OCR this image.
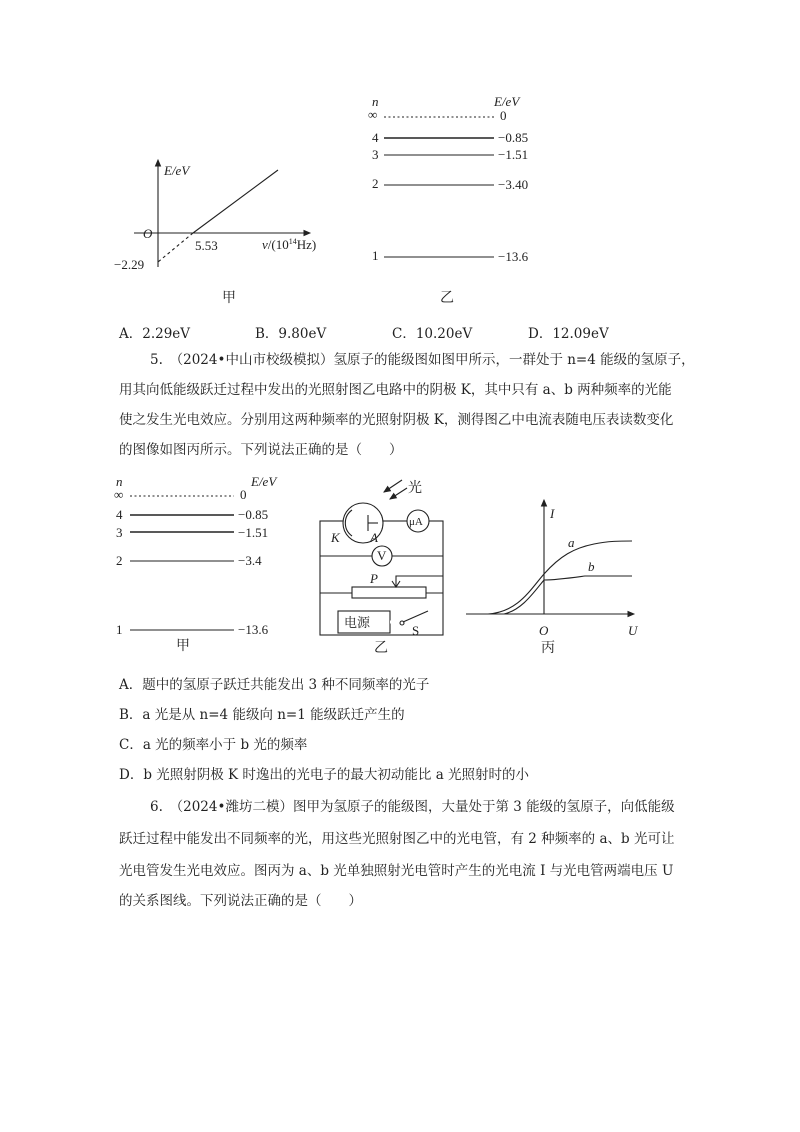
E/eV
O
5.53
−2.29
$\nu/(10^{14}Hz)$
甲
n	E/eV
∞	0
4	−0.85
3	−1.51
2	−3.40
1	−13.6
乙
n	E/eV
∞	0
4	−0.85
3	−1.51
2	−3.4
1	−13.6
甲
光
μA
V
K A
P
电源
S
乙
I
U
O
a
b
丙
A．2.29eV	B．9.80eV	C．10.20eV	D．12.09eV
5.　（2024•中山市校级模拟）氢原子的能级图如图甲所示，一群处于 n=4 能级的氢原子，
用其向低能级跃迁过程中发出的光照射图乙电路中的阴极 K，其中只有 a、b 两种频率的光能
使之发生光电效应。分别用这两种频率的光照射阴极 K，测得图乙中电流表随电压表读数变化
的图像如图丙所示。下列说法正确的是（　　）
A．题中的氢原子跃迁共能发出 3 种不同频率的光子
B．a 光是从 n=4 能级向 n=1 能级跃迁产生的
C．a 光的频率小于 b 光的频率
D．b 光照射阴极 K 时逸出的光电子的最大初动能比 a 光照射时的小
6.　（2024•潍坊二模）图甲为氢原子的能级图，大量处于第 3 能级的氢原子，向低能级
跃迁过程中能发出不同频率的光，用这些光照射图乙中的光电管，有 2 种频率的 a、b 光可让
光电管发生光电效应。图丙为 a、b 光单独照射光电管时产生的光电流 I 与光电管两端电压 U
的关系图线。下列说法正确的是（　　）
